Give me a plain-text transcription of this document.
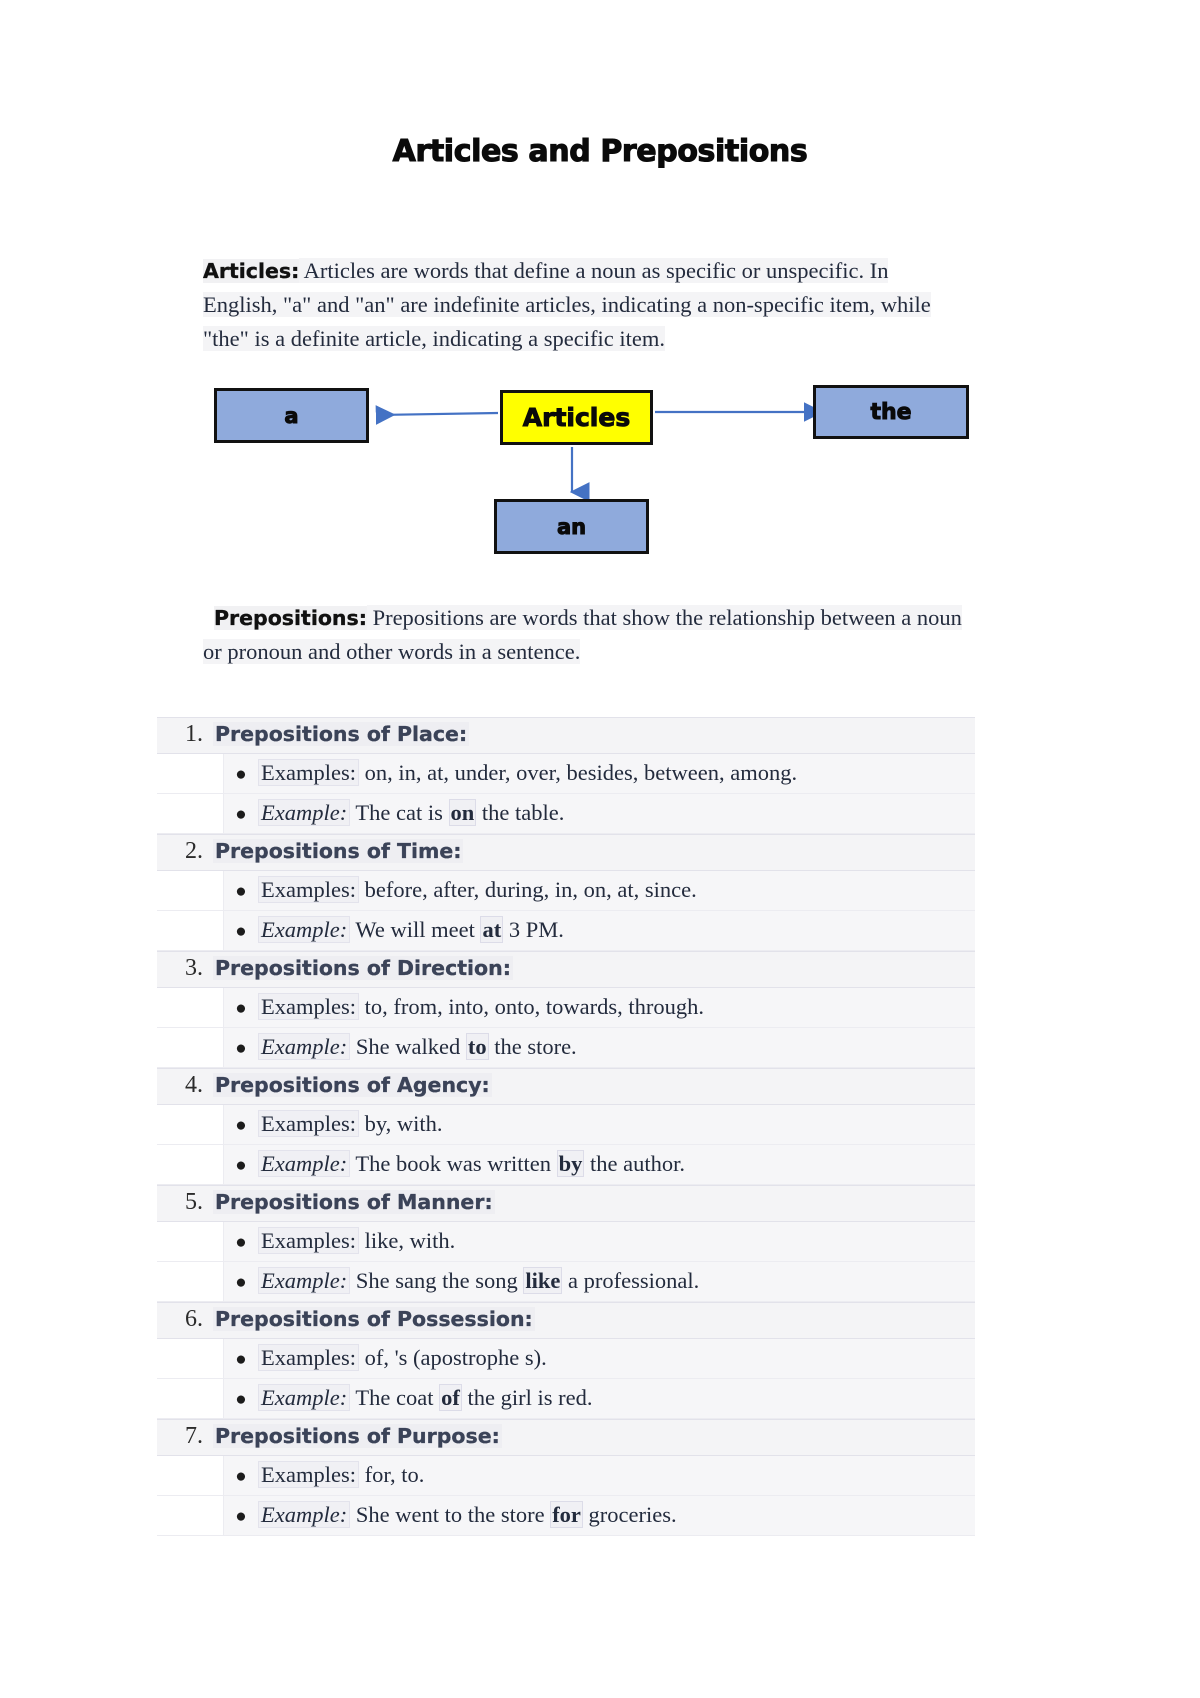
Articles and Prepositions
Articles: Articles are words that define a noun as specific or unspecific. In English, "a" and "an" are indefinite articles, indicating a non-specific item, while "the" is a definite article, indicating a specific item.
a	Articles	the
an
Prepositions: Prepositions are words that show the relationship between a noun or pronoun and other words in a sentence.
1. Prepositions of Place:
● Examples: on, in, at, under, over, besides, between, among.
● Example: The cat is on the table.
2. Prepositions of Time:
● Examples: before, after, during, in, on, at, since.
● Example: We will meet at 3 PM.
3. Prepositions of Direction:
● Examples: to, from, into, onto, towards, through.
● Example: She walked to the store.
4. Prepositions of Agency:
● Examples: by, with.
● Example: The book was written by the author.
5. Prepositions of Manner:
● Examples: like, with.
● Example: She sang the song like a professional.
6. Prepositions of Possession:
● Examples: of, 's (apostrophe s).
● Example: The coat of the girl is red.
7. Prepositions of Purpose:
● Examples: for, to.
● Example: She went to the store for groceries.
